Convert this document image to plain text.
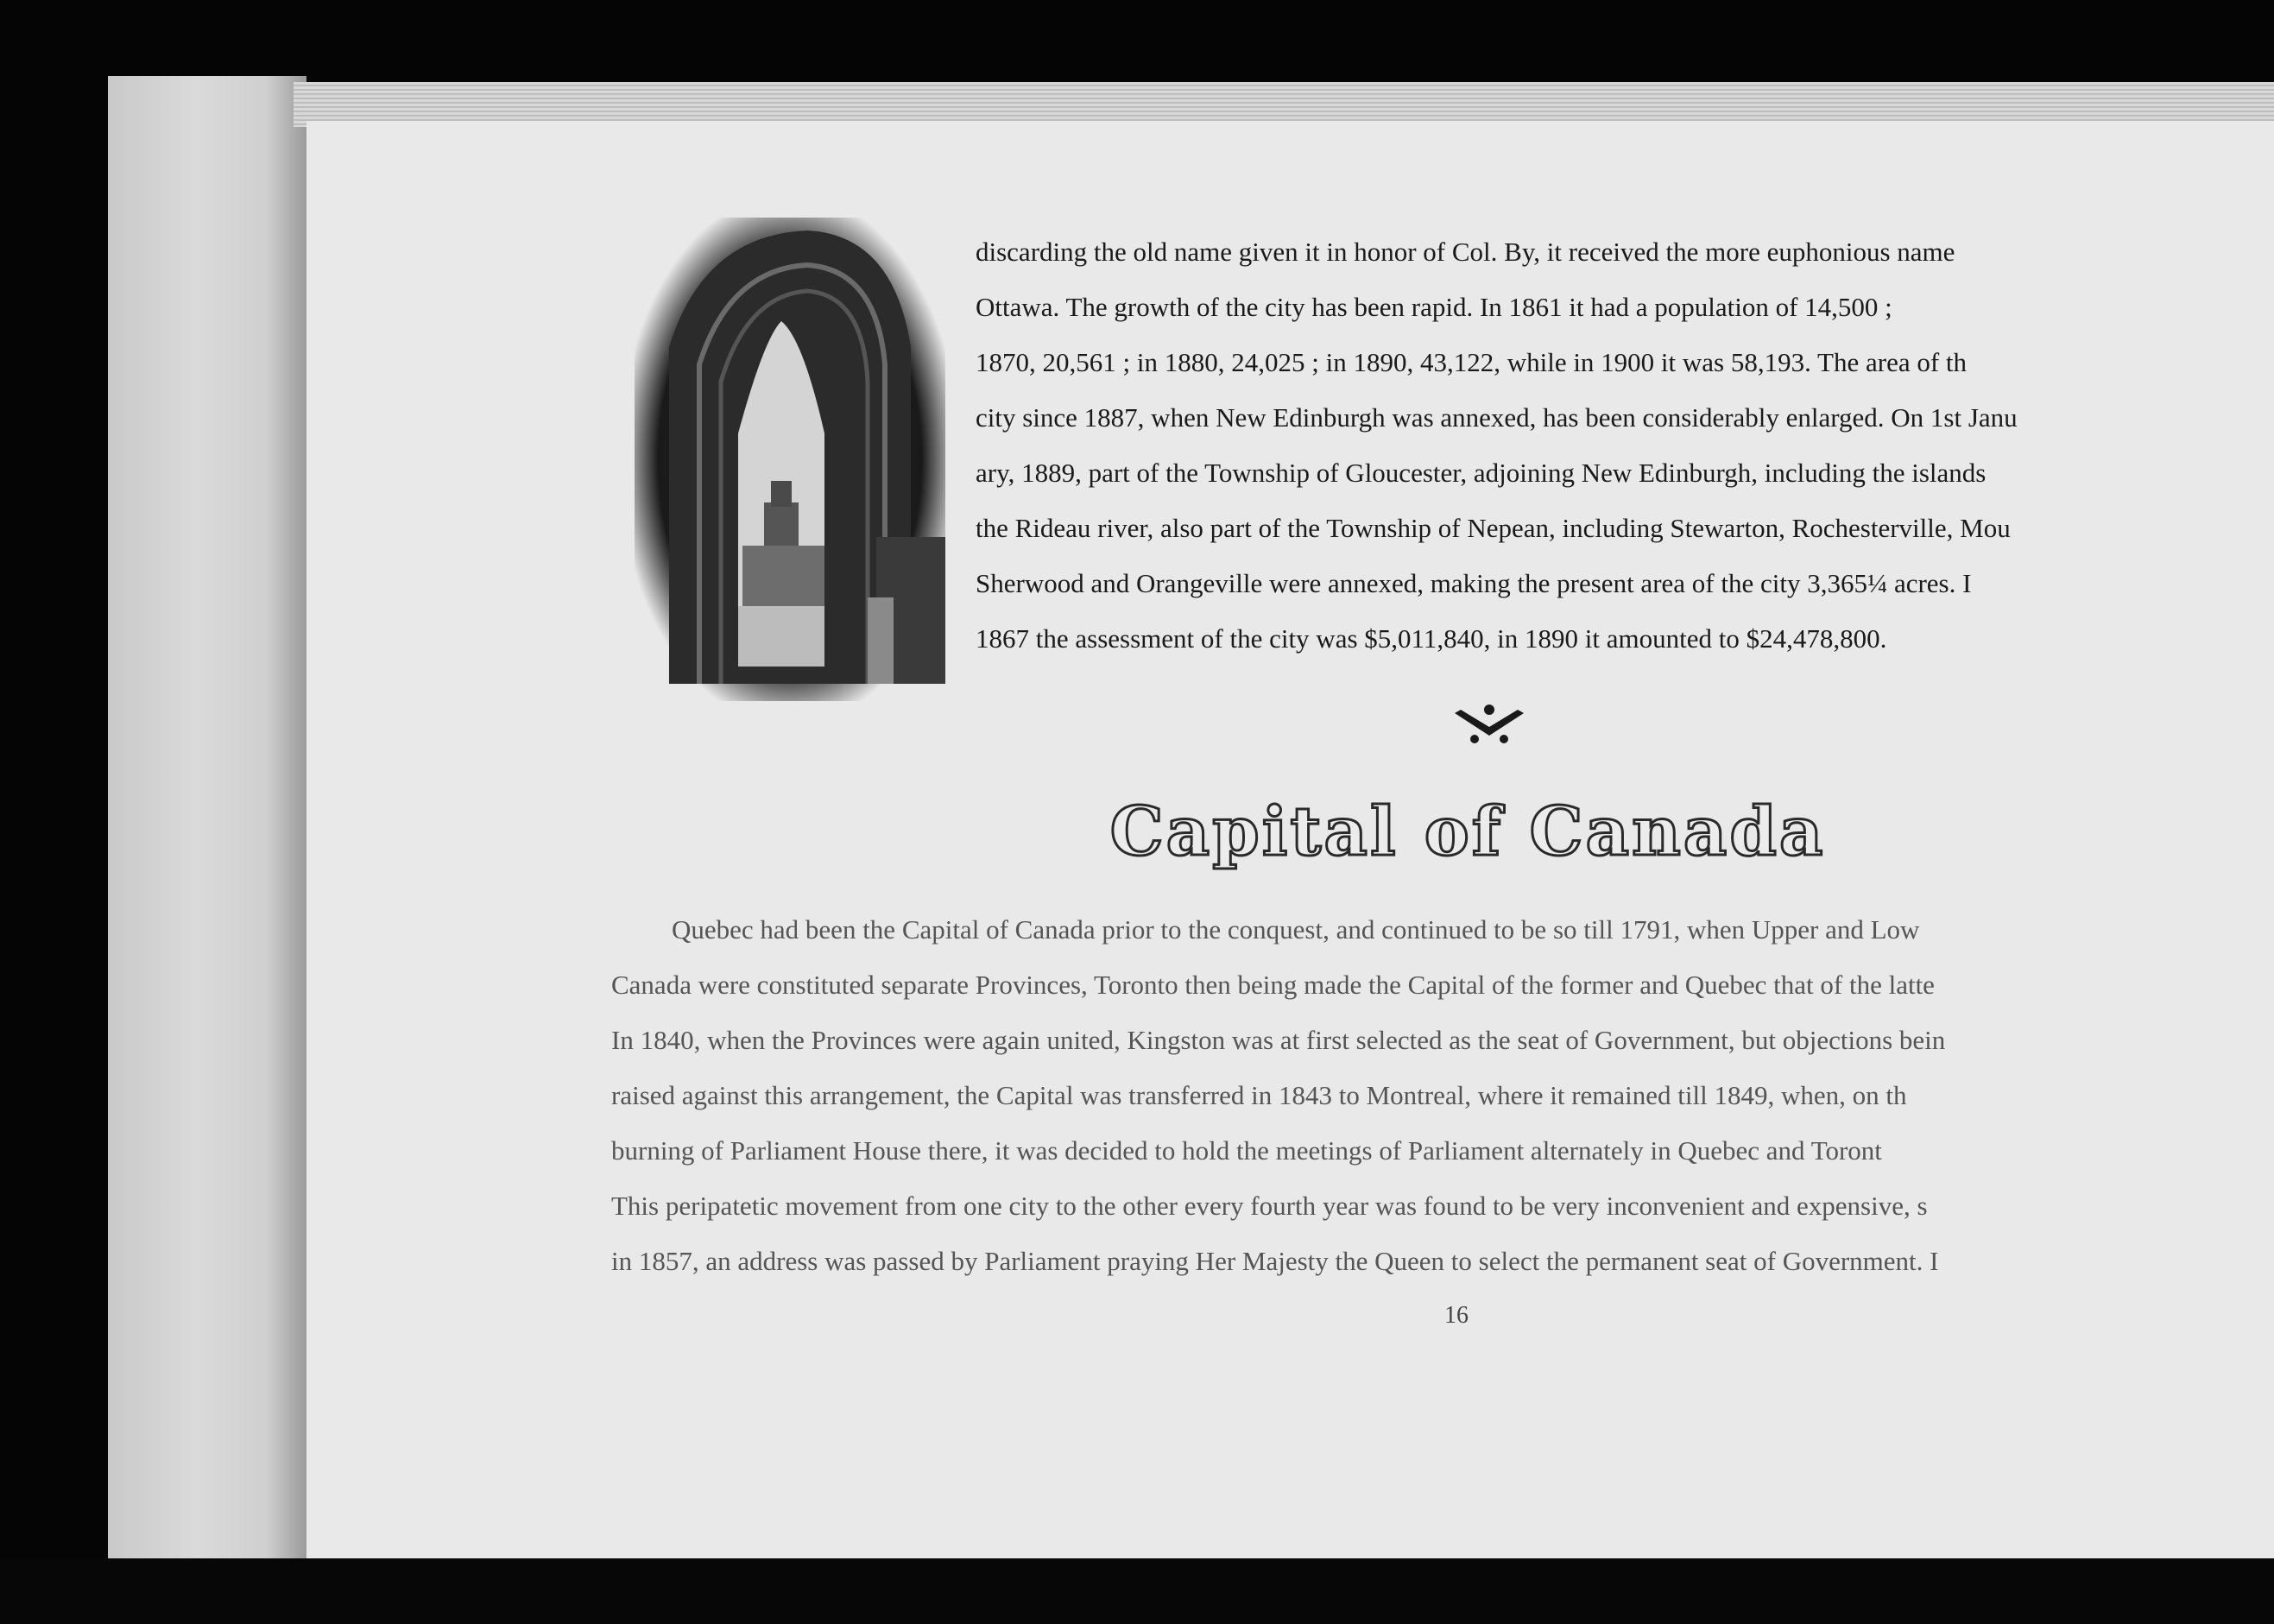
discarding the old name given it in honor of Col. By, it received the more euphonious name

Ottawa. The growth of the city has been rapid. In 1861 it had a population of 14,500 ;

1870, 20,561 ; in 1880, 24,025 ; in 1890, 43,122, while in 1900 it was 58,193. The area of th

city since 1887, when New Edinburgh was annexed, has been considerably enlarged. On 1st Janu

ary, 1889, part of the Township of Gloucester, adjoining New Edinburgh, including the islands

the Rideau river, also part of the Township of Nepean, including Stewarton, Rochesterville, Mou

Sherwood and Orangeville were annexed, making the present area of the city 3,365¼ acres. I

1867 the assessment of the city was $5,011,840, in 1890 it amounted to $24,478,800.

Capital of Canada

Quebec had been the Capital of Canada prior to the conquest, and continued to be so till 1791, when Upper and Low

Canada were constituted separate Provinces, Toronto then being made the Capital of the former and Quebec that of the latte

In 1840, when the Provinces were again united, Kingston was at first selected as the seat of Government, but objections bein

raised against this arrangement, the Capital was transferred in 1843 to Montreal, where it remained till 1849, when, on th

burning of Parliament House there, it was decided to hold the meetings of Parliament alternately in Quebec and Toront

This peripatetic movement from one city to the other every fourth year was found to be very inconvenient and expensive, s

in 1857, an address was passed by Parliament praying Her Majesty the Queen to select the permanent seat of Government. I

16
